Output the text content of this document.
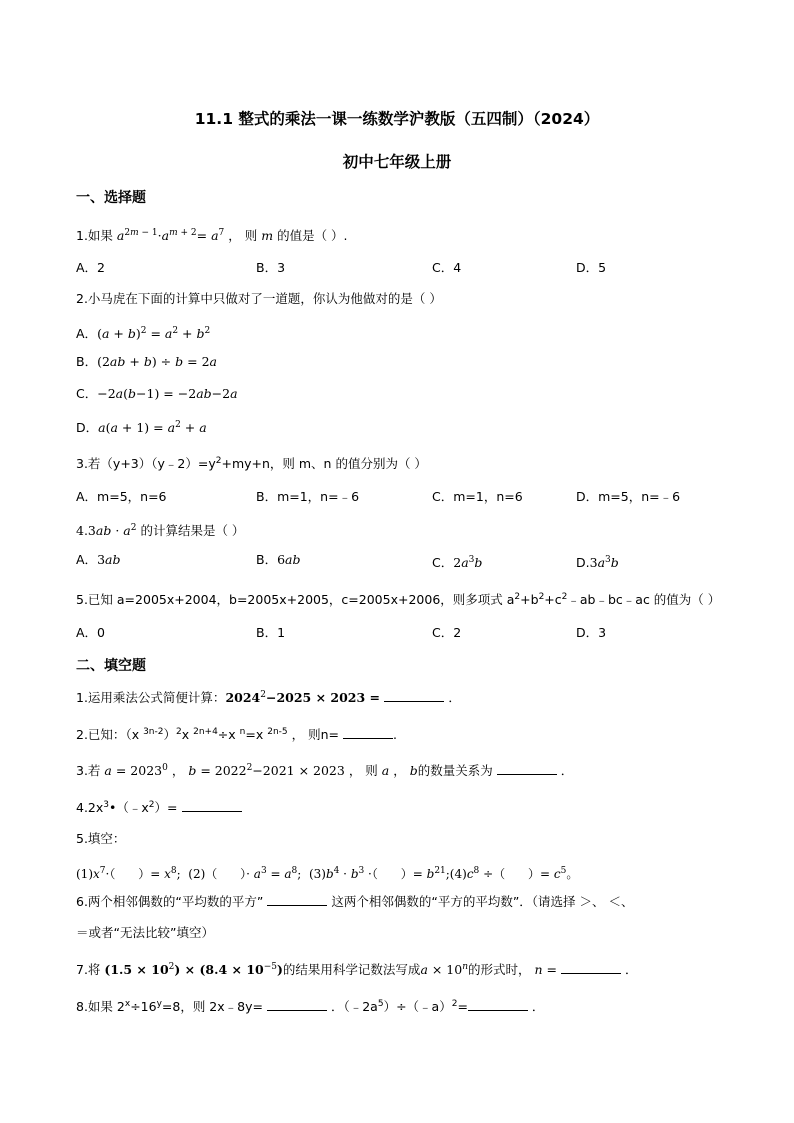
11.1 整式的乘法一课一练数学沪教版（五四制）（2024）
初中七年级上册
一、选择题
1.如果 $a^{2m - 1}\cdot a^{m + 2}= a^7$ ， 则 m 的值是（ ）.
A．2	B．3	C．4	D．5
2.小马虎在下面的计算中只做对了一道题，你认为他做对的是（ ）
A．$(a + b)^2 = a^2 + b^2$
B．(2ab + b) ÷ b = 2a
C．−2a(b−1) = −2ab−2a
D．$a(a + 1) = a^2 + a$
3.若$(y+3)(y﹣2)=y^2+my+n$，则 m、n 的值分别为（ ）
A．m=5，n=6	B．m=1，n=﹣6	C．m=1，n=6	D．m=5，n=﹣6
$4.3ab \cdot a^2$ 的计算结果是（ ）
A．3ab	B．6ab	C．$2a^3b$	$D.3a^3b$
5.已知 a=2005x+2004，b=2005x+2005，c=2005x+2006，则多项式 $a^2+b^2+c^2﹣ab﹣bc﹣ac$ 的值为（ ）
A．0	B．1	C．2	D．3
二、填空题
1.运用乘法公式简便计算：$2024^2-2025 \times 2023$ =	．
2.已知：（x $^{3n-2}$）$^2$x $^{2n+4}$÷x $^n$=x $^{2n-5}$ ， 则n=	.
3.若 $a = 2023^0$ ， $b = 2022^2-2021 \times 2023$ ， 则 a ， b的数量关系为	．
$4.2x^3•(﹣x^2)=$
5.填空：
$(1)x^7\cdot$（      ）= $x^8$;  (2)（      ）· $a^3 = a^8$;  $(3)b^4 \cdot b^3$ ·（      ）= $b^{21};(4)c^8$ ÷（      ）= $c^5$。
6.两个相邻偶数的“平均数的平方”	这两个相邻偶数的“平方的平均数”．（请选择 ＞、 ＜、
＝或者“无法比较”填空）
7.将 $(1.5 \times 10^2) \times (8.4 \times 10^{-5})$的结果用科学记数法写成$a \times 10^n$的形式时， n =	．
8.如果 $2^x\div 16^y=8$，则 2x﹣8y=	．$(﹣2a^5)\div(﹣a)^2=$	．
